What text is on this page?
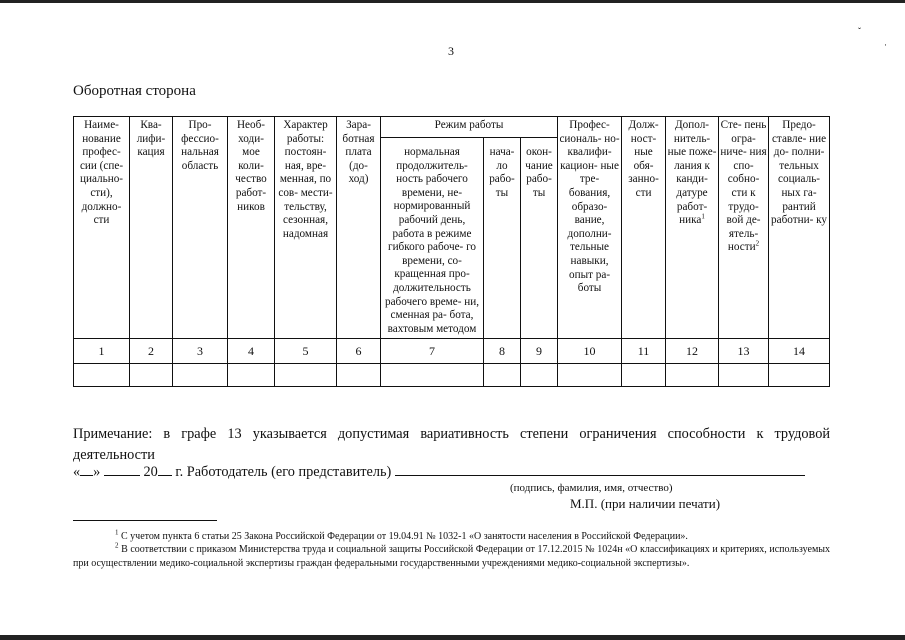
ˇ
·
3
Оборотная сторона
Наиме- нование профес- сии (спе- циально- сти), должно- сти	Ква- лифи- кация	Про- фессио- нальная область	Необ- ходи- мое коли- чество работ- ников	Характер работы: постоян- ная, вре- менная, по сов- мести- тельству, сезонная, надомная	Зара- ботная плата (до- ход)	Режим работы			Профес- сиональ- но- квалифи- кацион- ные тре- бования, образо- вание, дополни- тельные навыки, опыт ра- боты	Долж- ност- ные обя- занно- сти	Допол- нитель- ные поже- лания к канди- датуре работ- ника$^1$	Сте- пень огра- ниче- ния спо- собно- сти к трудо- вой де- ятель- ности$^2$	Предо- ставле- ние до- полни- тельных социаль- ных га- рантий работни- ку
						нормальная продолжитель- ность рабочего времени, не- нормированный рабочий день, работа в режиме гибкого рабоче- го времени, со- кращенная про- должительность рабочего време- ни, сменная ра- бота, вахтовым методом	нача- ло рабо- ты	окон- чание рабо- ты					
1	2	3	4	5	6	7	8	9	10	11	12	13	14

Примечание: в графе 13 указывается допустимая вариативность степени ограничения способности к трудовой деятельности
« »	20 г. Работодатель (его представитель)
(подпись, фамилия, имя, отчество)
М.П. (при наличии печати)
$^1$ С учетом пункта 6 статьи 25 Закона Российской Федерации от 19.04.91 № 1032-1 «О занятости населения в Российской Федерации».
$^2$ В соответствии с приказом Министерства труда и социальной защиты Российской Федерации от 17.12.2015 № 1024н «О классификациях и критериях, используемых при осуществлении медико-социальной экспертизы граждан федеральными государственными учреждениями медико-социальной экспертизы».
